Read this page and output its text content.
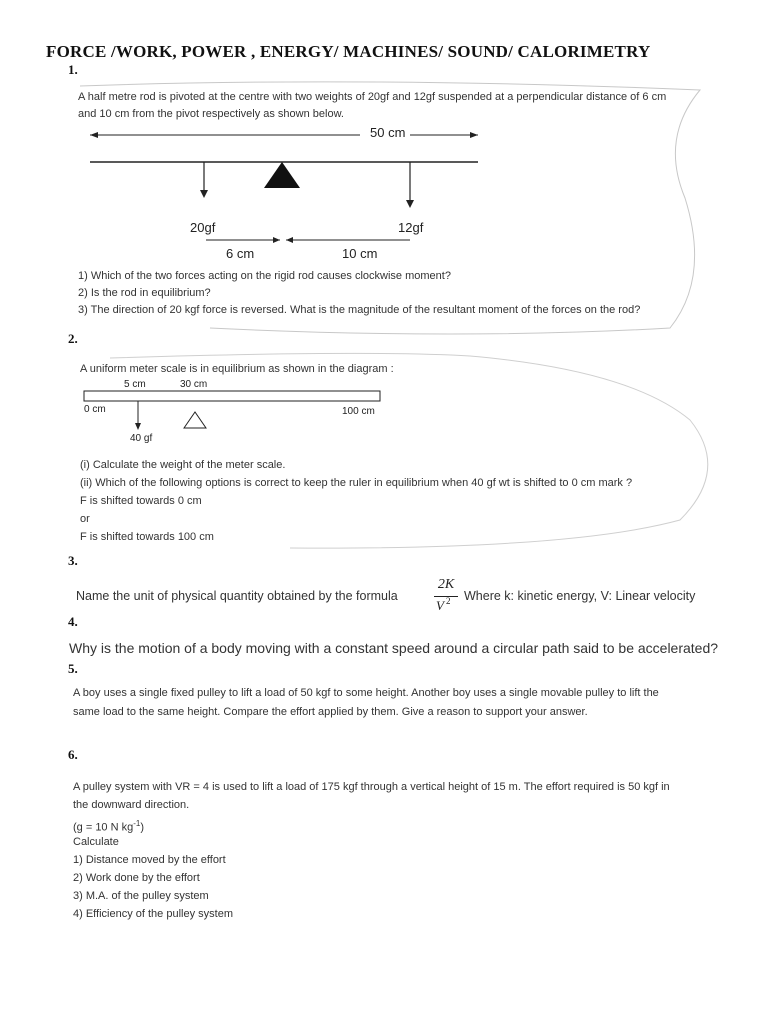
FORCE /WORK, POWER , ENERGY/ MACHINES/ SOUND/ CALORIMETRY
1.
A half metre rod is pivoted at the centre with two weights of 20gf and 12gf suspended at a perpendicular distance of 6 cm
and 10 cm from the pivot respectively as shown below.
50 cm
20gf	12gf
6 cm	10 cm
1) Which of the two forces acting on the rigid rod causes clockwise moment?
2) Is the rod in equilibrium?
3) The direction of 20 kgf force is reversed. What is the magnitude of the resultant moment of the forces on the rod?
2.
A uniform meter scale is in equilibrium as shown in the diagram :
5 cm	30 cm
0 cm	100 cm
40 gf
(i) Calculate the weight of the meter scale.
(ii) Which of the following options is correct to keep the ruler in equilibrium when 40 gf wt is shifted to 0 cm mark ?
F is shifted towards 0 cm
or
F is shifted towards 100 cm
3.
Name the unit of physical quantity obtained by the formula
2K
V 2 Where k: kinetic energy, V: Linear velocity
4.
Why is the motion of a body moving with a constant speed around a circular path said to be accelerated?
5.
A boy uses a single fixed pulley to lift a load of 50 kgf to some height. Another boy uses a single movable pulley to lift the
same load to the same height. Compare the effort applied by them. Give a reason to support your answer.
6.
A pulley system with VR = 4 is used to lift a load of 175 kgf through a vertical height of 15 m. The effort required is 50 kgf in
the downward direction.
(g = 10 N $kg^{-1}$)
Calculate
1) Distance moved by the effort
2) Work done by the effort
3) M.A. of the pulley system
4) Efficiency of the pulley system
